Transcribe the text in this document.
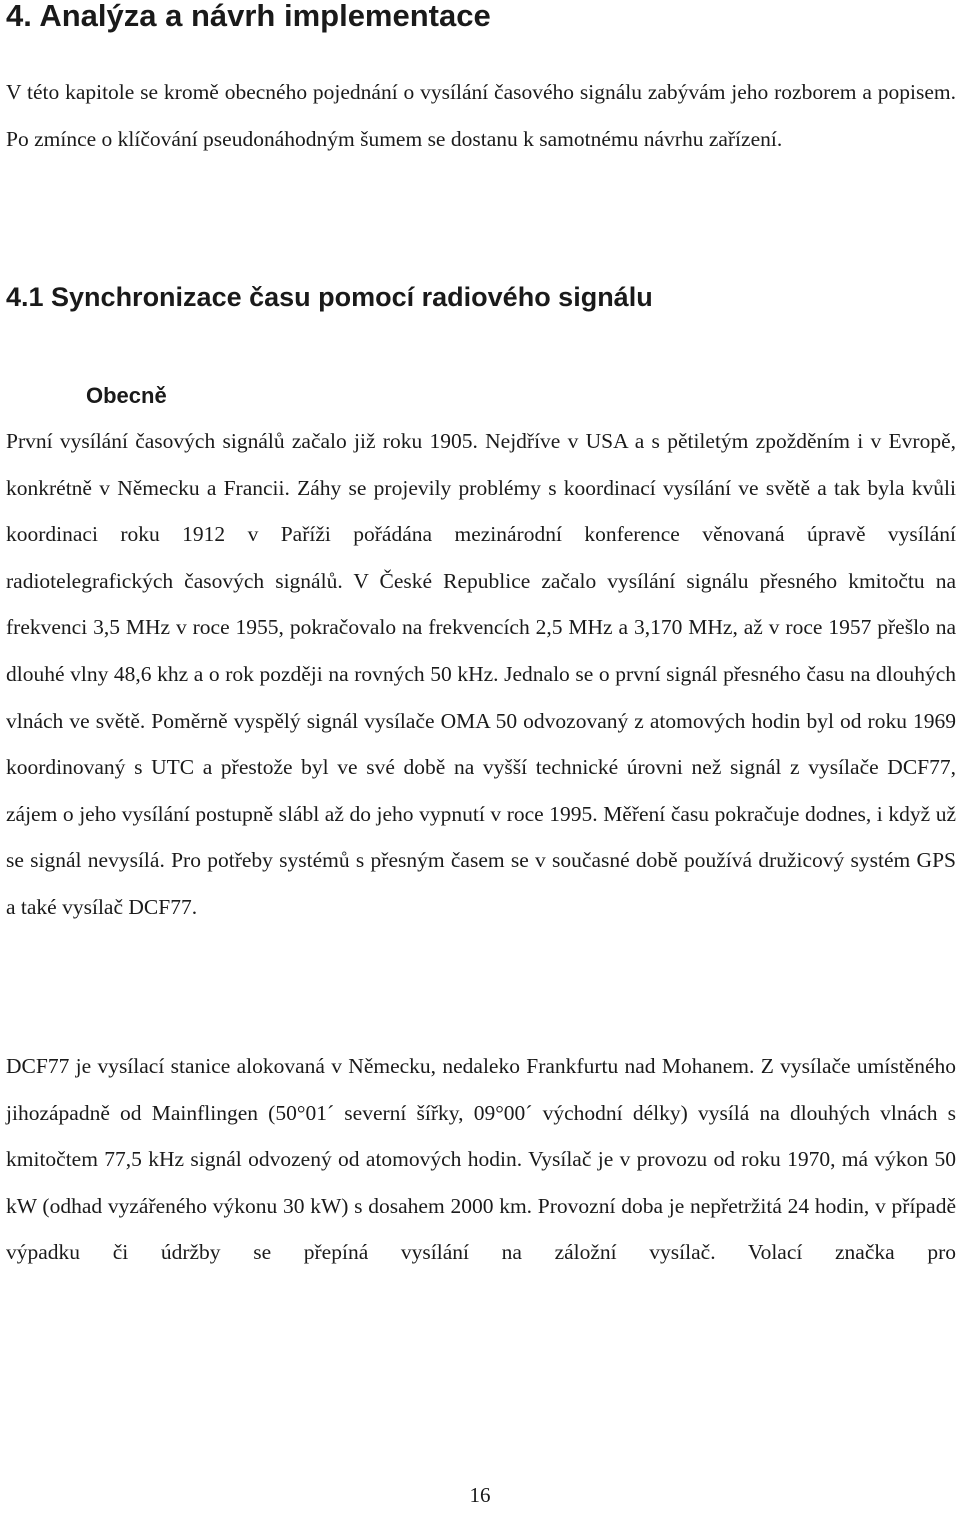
4. Analýza a návrh implementace

V této kapitole se kromě obecného pojednání o vysílání časového signálu zabývám jeho rozborem a popisem. Po zmínce o klíčování pseudonáhodným šumem se dostanu k samotnému návrhu zařízení.

4.1 Synchronizace času pomocí radiového signálu
Obecně

První vysílání časových signálů začalo již roku 1905. Nejdříve v USA a s pětiletým zpožděním i v Evropě, konkrétně v Německu a Francii. Záhy se projevily problémy s koordinací vysílání ve světě a tak byla kvůli koordinaci roku 1912 v Paříži pořádána mezinárodní konference věnovaná úpravě vysílání radiotelegrafických časových signálů. V České Republice začalo vysílání signálu přesného kmitočtu na frekvenci 3,5 MHz v roce 1955, pokračovalo na frekvencích 2,5 MHz a 3,170 MHz, až v roce 1957 přešlo na dlouhé vlny 48,6 khz a o rok později na rovných 50 kHz. Jednalo se o první signál přesného času na dlouhých vlnách ve světě. Poměrně vyspělý signál vysílače OMA 50 odvozovaný z atomových hodin byl od roku 1969 koordinovaný s UTC a přestože byl ve své době na vyšší technické úrovni než signál z vysílače DCF77, zájem o jeho vysílání postupně slábl až do jeho vypnutí v roce 1995. Měření času pokračuje dodnes, i když už se signál nevysílá. Pro potřeby systémů s přesným časem se v současné době používá družicový systém GPS a také vysílač DCF77.

DCF77 je vysílací stanice alokovaná v Německu, nedaleko Frankfurtu nad Mohanem. Z vysílače umístěného jihozápadně od Mainflingen (50°01´ severní šířky, 09°00´ východní délky) vysílá na dlouhých vlnách s kmitočtem 77,5 kHz signál odvozený od atomových hodin. Vysílač je v provozu od roku 1970, má výkon 50 kW (odhad vyzářeného výkonu 30 kW) s dosahem 2000 km. Provozní doba je nepřetržitá 24 hodin, v případě výpadku či údržby se přepíná vysílání na záložní vysílač. Volací značka pro

16
